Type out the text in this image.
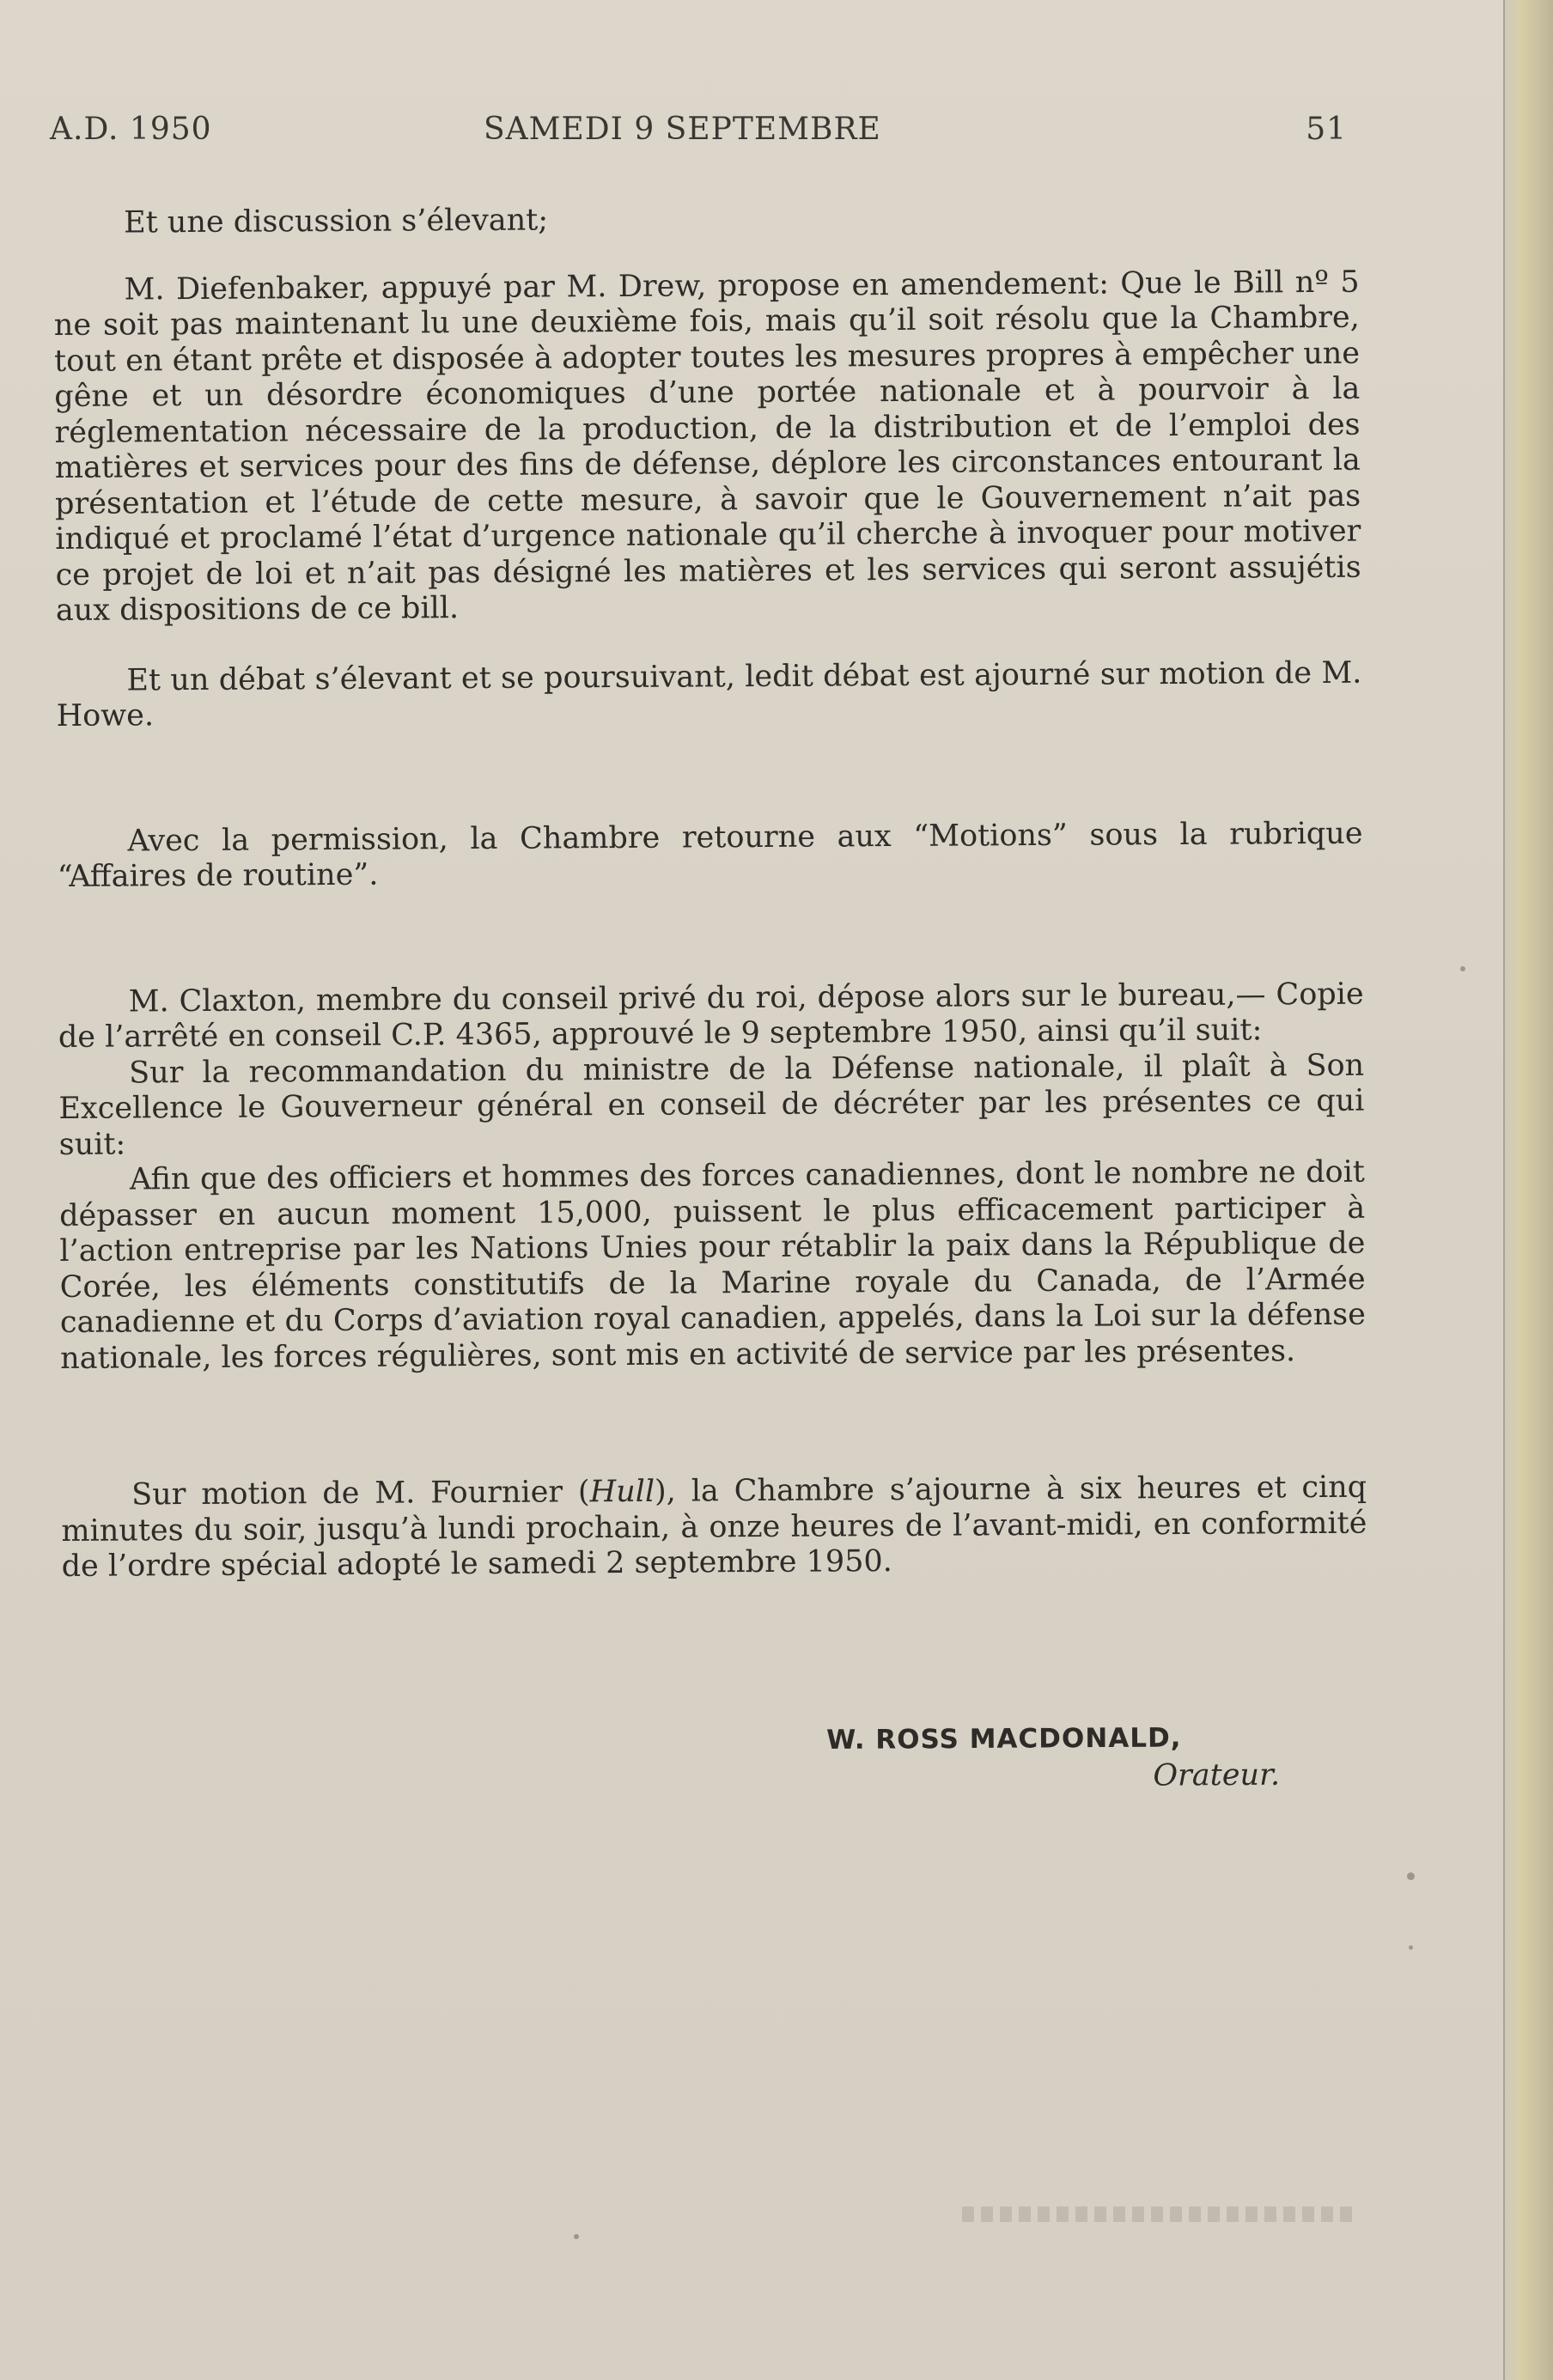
A.D. 1950	SAMEDI 9 SEPTEMBRE	51

Et une discussion s’élevant;

M. Diefenbaker, appuyé par M. Drew, propose en amendement: Que le Bill nº 5 ne soit pas maintenant lu une deuxième fois, mais qu’il soit résolu que la Chambre, tout en étant prête et disposée à adopter toutes les mesures propres à empêcher une gêne et un désordre économiques d’une portée nationale et à pourvoir à la réglementation nécessaire de la production, de la distribution et de l’emploi des matières et services pour des fins de défense, déplore les circonstances entourant la présentation et l’étude de cette mesure, à savoir que le Gouvernement n’ait pas indiqué et proclamé l’état d’urgence nationale qu’il cherche à invoquer pour motiver ce projet de loi et n’ait pas désigné les matières et les services qui seront assujétis aux dispositions de ce bill.

Et un débat s’élevant et se poursuivant, ledit débat est ajourné sur motion de M. Howe.

Avec la permission, la Chambre retourne aux “Motions” sous la rubrique “Affaires de routine”.

M. Claxton, membre du conseil privé du roi, dépose alors sur le bureau,— Copie de l’arrêté en conseil C.P. 4365, approuvé le 9 septembre 1950, ainsi qu’il suit:

Sur la recommandation du ministre de la Défense nationale, il plaît à Son Excellence le Gouverneur général en conseil de décréter par les présentes ce qui suit:

Afin que des officiers et hommes des forces canadiennes, dont le nombre ne doit dépasser en aucun moment 15,000, puissent le plus efficacement participer à l’action entreprise par les Nations Unies pour rétablir la paix dans la République de Corée, les éléments constitutifs de la Marine royale du Canada, de l’Armée canadienne et du Corps d’aviation royal canadien, appelés, dans la Loi sur la défense nationale, les forces régulières, sont mis en activité de service par les présentes.

Sur motion de M. Fournier (Hull), la Chambre s’ajourne à six heures et cinq minutes du soir, jusqu’à lundi prochain, à onze heures de l’avant-midi, en conformité de l’ordre spécial adopté le samedi 2 septembre 1950.

W. ROSS MACDONALD,
Orateur.
